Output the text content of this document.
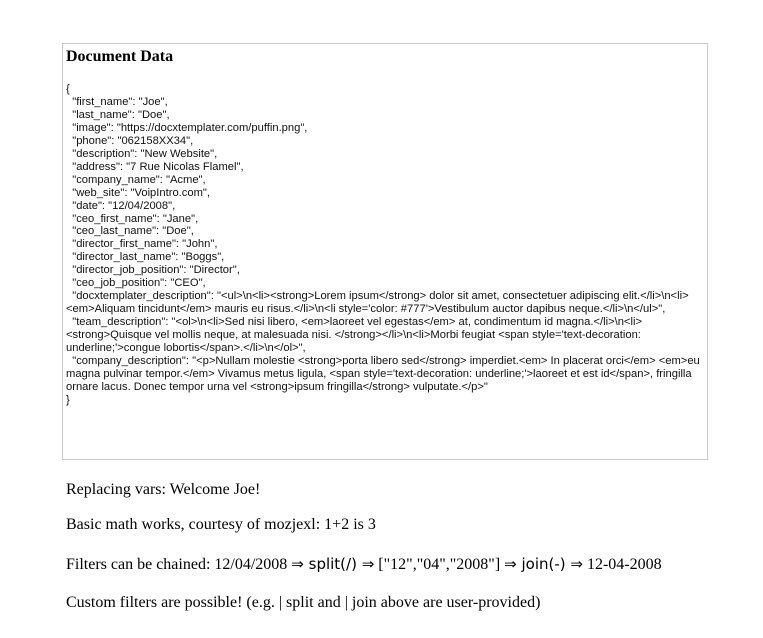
Document Data
{
"first_name": "Joe",
"last_name": "Doe",
"image": "https://docxtemplater.com/puffin.png",
"phone": "062158XX34",
"description": "New Website",
"address": "7 Rue Nicolas Flamel",
"company_name": "Acme",
"web_site": "VoipIntro.com",
"date": "12/04/2008",
"ceo_first_name": "Jane",
"ceo_last_name": "Doe",
"director_first_name": "John",
"director_last_name": "Boggs",
"director_job_position": "Director",
"ceo_job_position": "CEO",
"docxtemplater_description": "<ul>\n<li><strong>Lorem ipsum</strong> dolor sit amet, consectetuer adipiscing elit.</li>\n<li><em>Aliquam tincidunt</em> mauris eu risus.</li>\n<li style='color: #777'>Vestibulum auctor dapibus neque.</li>\n</ul>",
"team_description": "<ol>\n<li>Sed nisi libero, <em>laoreet vel egestas</em> at, condimentum id magna.</li>\n<li><strong>Quisque vel mollis neque, at malesuada nisi. </strong></li>\n<li>Morbi feugiat <span style='text-decoration: underline;'>congue lobortis</span>.</li>\n</ol>",
"company_description": "<p>Nullam molestie <strong>porta libero sed</strong> imperdiet.<em> In placerat orci</em> <em>eu magna pulvinar tempor.</em> Vivamus metus ligula, <span style='text-decoration: underline;'>laoreet et est id</span>, fringilla ornare lacus. Donec tempor urna vel <strong>ipsum fringilla</strong> vulputate.</p>"
}

Replacing vars: Welcome Joe!

Basic math works, courtesy of mozjexl: 1+2 is 3

Filters can be chained: 12/04/2008 ⇒ split(/) ⇒ ["12","04","2008"] ⇒ join(-) ⇒ 12-04-2008

Custom filters are possible! (e.g. | split and | join above are user-provided)
